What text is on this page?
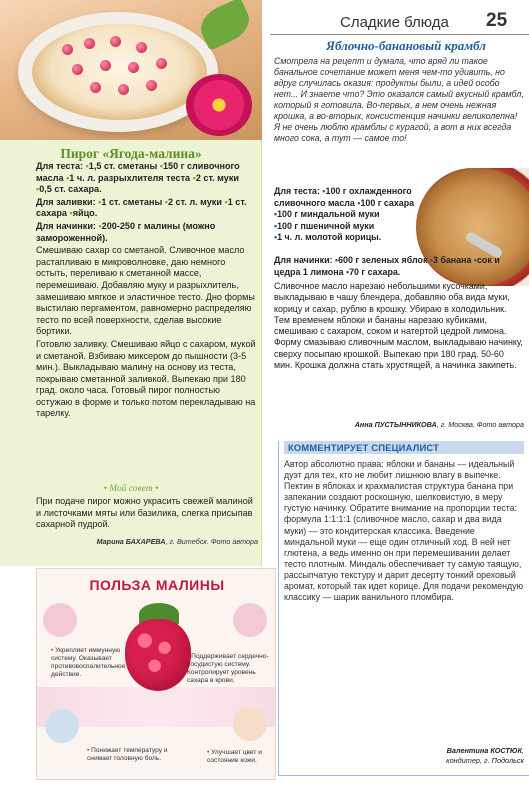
Пирог «Ягода-малина»

Для теста: •1,5 ст. сметаны •150 г сливочного масла •1 ч. л. разрыхлителя теста •2 ст. муки •0,5 ст. сахара.

Для заливки: •1 ст. сметаны •2 ст. л. муки •1 ст. сахара •яйцо.

Для начинки: •200-250 г малины (можно замороженной).

Смешиваю сахар со сметаной. Сливочное масло растапливаю в микроволновке, даю немного остыть, переливаю к сметанной массе, перемешиваю. Добавляю муку и разрыхлитель, замешиваю мягкое и эластичное тесто. Дно формы выстилаю пергаментом, равномерно распределяю тесто по всей поверхности, сделав высокие бортики.

Готовлю заливку. Смешиваю яйцо с сахаром, мукой и сметаной. Взбиваю миксером до пышности (3-5 мин.). Выкладываю малину на основу из теста, покрываю сметанной заливкой. Выпекаю при 180 град. около часа. Готовый пирог полностью остужаю в форме и только потом перекладываю на тарелку.

• Мой совет •
При подаче пирог можно украсить свежей малиной и листочками мяты или базилика, слегка присыпав сахарной пудрой.
Марина БАХАРЕВА, г. Витебск. Фото автора
Сладкие блюда 25
Яблочно-банановый крамбл
Смотрела на рецепт и думала, что вряд ли такое банальное сочетание может меня чем-то удивить, но вдруг случилась оказия: продукты были, а идей особо нет... И знаете что? Это оказался самый вкусный крамбл, который я готовила. Во-первых, в нем очень нежная крошка, а во-вторых, консистенция начинки великолепна! Я не очень люблю крамблы с курагой, а вот в них всегда много сока, а тут — самое то!
Для теста: •100 г охлажденного сливочного масла •100 г сахара
•100 г миндальной муки
•100 г пшеничной муки
•1 ч. л. молотой корицы.
Для начинки: •600 г зеленых яблок •3 банана •сок и цедра 1 лимона •70 г сахара.
Сливочное масло нарезаю небольшими кусочками, выкладываю в чашу блендера, добавляю оба вида муки, корицу и сахар, рублю в крошку. Убираю в холодильник. Тем временем яблоки и бананы нарезаю кубиками, смешиваю с сахаром, соком и натертой цедрой лимона. Форму смазываю сливочным маслом, выкладываю начинку, сверху посыпаю крошкой. Выпекаю при 180 град. 50-60 мин. Крошка должна стать хрустящей, а начинка закипеть.
Анна ПУСТЫННИКОВА, г. Москва. Фото автора
КОММЕНТИРУЕТ СПЕЦИАЛИСТ
Автор абсолютно права: яблоки и бананы — идеальный дуэт для тех, кто не любит лишнюю влагу в выпечке. Пектин в яблоках и крахмалистая структура банана при запекании создают роскошную, шелковистую, в меру густую начинку. Обратите внимание на пропорции теста: формула 1:1:1:1 (сливочное масло, сахар и два вида муки) — это кондитерская классика. Введение миндальной муки — еще один отличный ход. В ней нет глютена, а ведь именно он при перемешивании делает тесто плотным. Миндаль обеспечивает ту самую таящую, рассыпчатую текстуру и дарит десерту тонкий ореховый аромат, который так идет корице. Для подачи рекомендую классику — шарик ванильного пломбира.
Валентина КОСТЮК,
кондитер, г. Подольск
ПОЛЬЗА МАЛИНЫ
• Укрепляет иммунную систему. Оказывает противовоспалительное действие.
• Поддерживает сердечно-сосудистую систему. Контролирует уровень сахара в крови.
• Понижает температуру и снимает головную боль.
• Улучшает цвет и состояние кожи.
